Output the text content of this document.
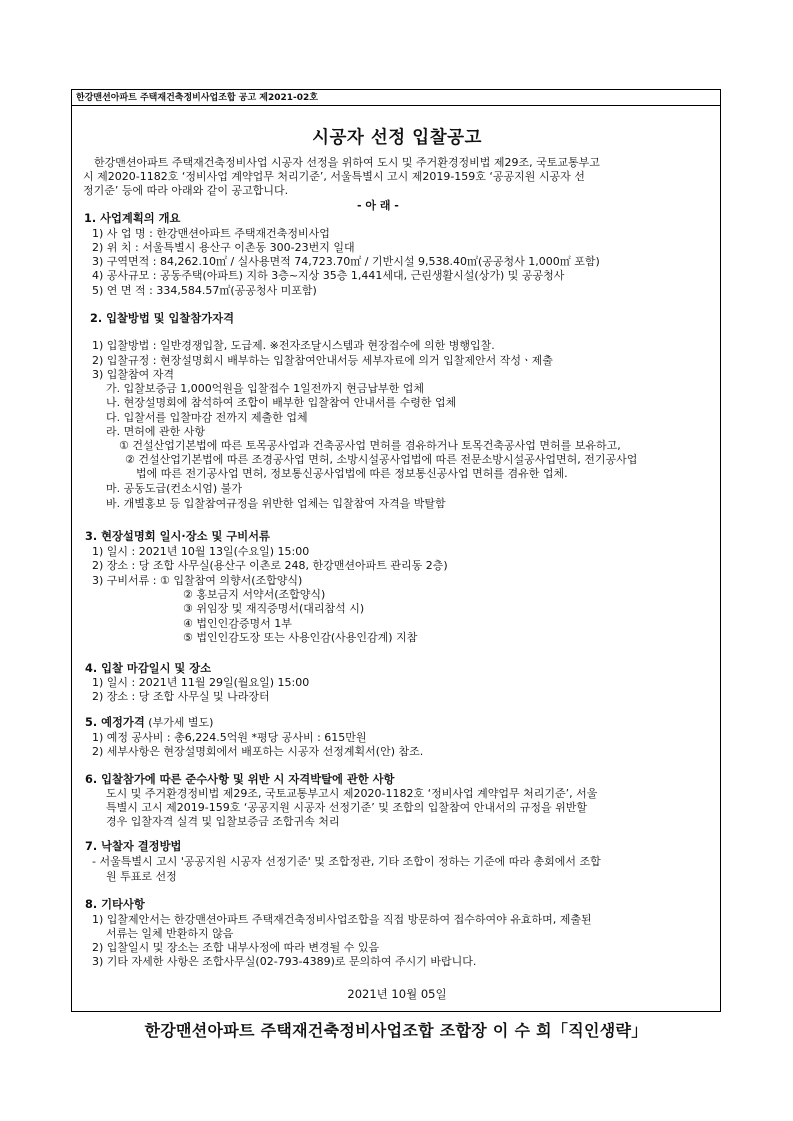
한강맨션아파트 주택재건축정비사업조합 공고 제2021-02호
시공자 선정 입찰공고
한강맨션아파트 주택재건축정비사업 시공자 선정을 위하여 도시 및 주거환경정비법 제29조, 국토교통부고
시 제2020-1182호 ‘정비사업 계약업무 처리기준’, 서울특별시 고시 제2019-159호 ‘공공지원 시공자 선
정기준’ 등에 따라 아래와 같이 공고합니다.
- 아 래 -
1. 사업계획의 개요
1) 사 업 명 : 한강맨션아파트 주택재건축정비사업
2) 위 치 : 서울특별시 용산구 이촌동 300-23번지 일대
3) 구역면적 : 84,262.10㎡ / 실사용면적 74,723.70㎡ / 기반시설 9,538.40㎡(공공청사 1,000㎡ 포함)
4) 공사규모 : 공동주택(아파트) 지하 3층~지상 35층 1,441세대, 근린생활시설(상가) 및 공공청사
5) 연 면 적 : 334,584.57㎡(공공청사 미포함)
2. 입찰방법 및 입찰참가자격
1) 입찰방법 : 일반경쟁입찰, 도급제. ※전자조달시스템과 현장접수에 의한 병행입찰.
2) 입찰규정 : 현장설명회시 배부하는 입찰참여안내서등 세부자료에 의거 입찰제안서 작성ㆍ제출
3) 입찰참여 자격
가. 입찰보증금 1,000억원을 입찰접수 1일전까지 현금납부한 업체
나. 현장설명회에 참석하여 조합이 배부한 입찰참여 안내서를 수령한 업체
다. 입찰서를 입찰마감 전까지 제출한 업체
라. 면허에 관한 사항
① 건설산업기본법에 따른 토목공사업과 건축공사업 면허를 겸유하거나 토목건축공사업 면허를 보유하고,
② 건설산업기본법에 따른 조경공사업 면허, 소방시설공사업법에 따른 전문소방시설공사업면허, 전기공사업
법에 따른 전기공사업 면허, 정보통신공사업법에 따른 정보통신공사업 면허를 겸유한 업체.
마. 공동도급(컨소시엄) 불가
바. 개별홍보 등 입찰참여규정을 위반한 업체는 입찰참여 자격을 박탈함
3. 현장설명회 일시·장소 및 구비서류
1) 일시 : 2021년 10월 13일(수요일) 15:00
2) 장소 : 당 조합 사무실(용산구 이촌로 248, 한강맨션아파트 관리동 2층)
3) 구비서류 : ① 입찰참여 의향서(조합양식)
② 홍보금지 서약서(조합양식)
③ 위임장 및 재직증명서(대리참석 시)
④ 법인인감증명서 1부
⑤ 법인인감도장 또는 사용인감(사용인감계) 지참
4. 입찰 마감일시 및 장소
1) 일시 : 2021년 11월 29일(월요일) 15:00
2) 장소 : 당 조합 사무실 및 나라장터
5. 예정가격 (부가세 별도)
1) 예정 공사비 : 총6,224.5억원 *평당 공사비 : 615만원
2) 세부사항은 현장설명회에서 배포하는 시공자 선정계획서(안) 참조.
6. 입찰참가에 따른 준수사항 및 위반 시 자격박탈에 관한 사항
도시 및 주거환경정비법 제29조, 국토교통부고시 제2020-1182호 ‘정비사업 계약업무 처리기준’, 서울
특별시 고시 제2019-159호 ‘공공지원 시공자 선정기준’ 및 조합의 입찰참여 안내서의 규정을 위반할
경우 입찰자격 실격 및 입찰보증금 조합귀속 처리
7. 낙찰자 결정방법
- 서울특별시 고시 '공공지원 시공자 선정기준' 및 조합정관, 기타 조합이 정하는 기준에 따라 총회에서 조합
원 투표로 선정
8. 기타사항
1) 입찰제안서는 한강맨션아파트 주택재건축정비사업조합을 직접 방문하여 접수하여야 유효하며, 제출된
서류는 일체 반환하지 않음
2) 입찰일시 및 장소는 조합 내부사정에 따라 변경될 수 있음
3) 기타 자세한 사항은 조합사무실(02-793-4389)로 문의하여 주시기 바랍니다.
2021년 10월 05일
한강맨션아파트 주택재건축정비사업조합 조합장 이 수 희「직인생략」
